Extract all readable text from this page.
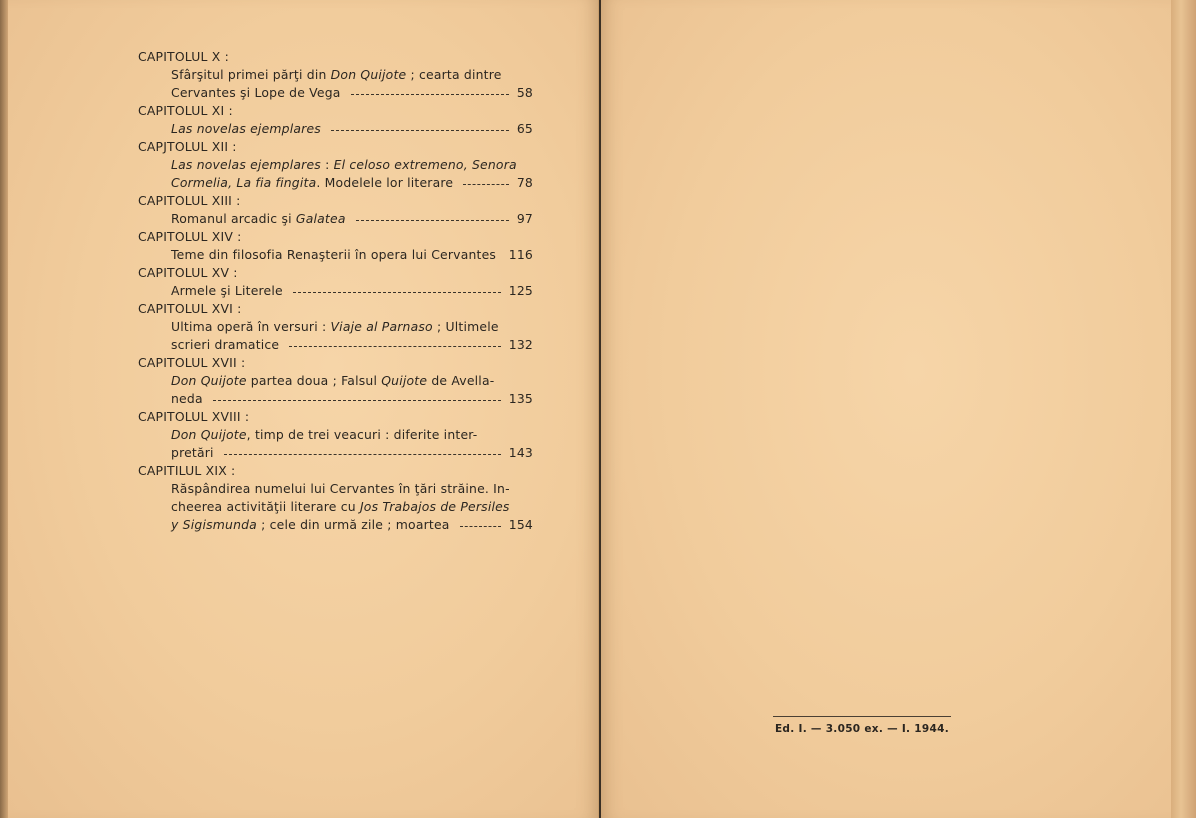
CAPITOLUL X :
Sfârşitul primei părţi din Don Quijote ; cearta dintre
Cervantes şi Lope de Vega	58
CAPITOLUL XI :
Las novelas ejemplares	65
CAPJTOLUL XII :
Las novelas ejemplares : El celoso extremeno, Senora
Cormelia, La fia fingita. Modelele lor literare	78
CAPITOLUL XIII :
Romanul arcadic şi Galatea	97
CAPITOLUL XIV :
Teme din filosofia Renaşterii în opera lui Cervantes 116
CAPITOLUL XV :
Armele şi Literele	125
CAPITOLUL XVI :
Ultima operă în versuri : Viaje al Parnaso ; Ultimele
scrieri dramatice	132
CAPITOLUL XVII :
Don Quijote partea doua ; Falsul Quijote de Avella-
neda	135
CAPITOLUL XVIII :
Don Quijote, timp de trei veacuri : diferite inter-
pretări	143
CAPITILUL XIX :
Răspândirea numelui lui Cervantes în ţări străine. In-
cheerea activităţii literare cu Jos Trabajos de Persiles
y Sigismunda ; cele din urmă zile ; moartea	154
Ed. I. — 3.050 ex. — I. 1944.
